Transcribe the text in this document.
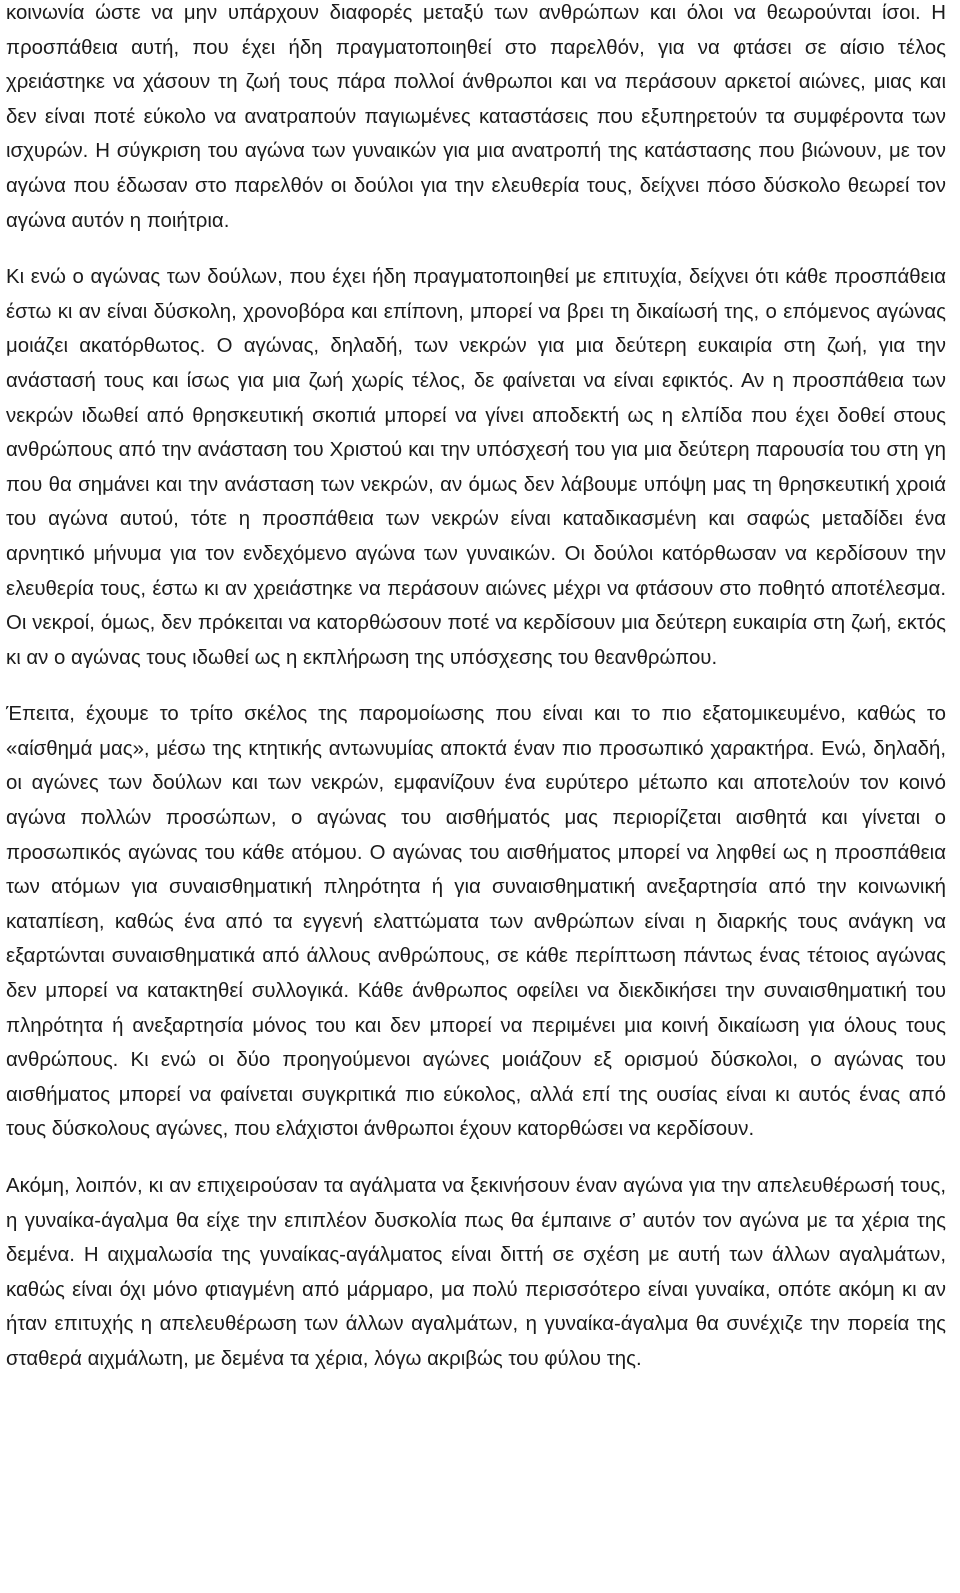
κοινωνία ώστε να μην υπάρχουν διαφορές μεταξύ των ανθρώπων και όλοι να θεωρούνται ίσοι. Η προσπάθεια αυτή, που έχει ήδη πραγματοποιηθεί στο παρελθόν, για να φτάσει σε αίσιο τέλος χρειάστηκε να χάσουν τη ζωή τους πάρα πολλοί άνθρωποι και να περάσουν αρκετοί αιώνες, μιας και δεν είναι ποτέ εύκολο να ανατραπούν παγιωμένες καταστάσεις που εξυπηρετούν τα συμφέροντα των ισχυρών. Η σύγκριση του αγώνα των γυναικών για μια ανατροπή της κατάστασης που βιώνουν, με τον αγώνα που έδωσαν στο παρελθόν οι δούλοι για την ελευθερία τους, δείχνει πόσο δύσκολο θεωρεί τον αγώνα αυτόν η ποιήτρια.

Κι ενώ ο αγώνας των δούλων, που έχει ήδη πραγματοποιηθεί με επιτυχία, δείχνει ότι κάθε προσπάθεια έστω κι αν είναι δύσκολη, χρονοβόρα και επίπονη, μπορεί να βρει τη δικαίωσή της, ο επόμενος αγώνας μοιάζει ακατόρθωτος. Ο αγώνας, δηλαδή, των νεκρών για μια δεύτερη ευκαιρία στη ζωή, για την ανάστασή τους και ίσως για μια ζωή χωρίς τέλος, δε φαίνεται να είναι εφικτός. Αν η προσπάθεια των νεκρών ιδωθεί από θρησκευτική σκοπιά μπορεί να γίνει αποδεκτή ως η ελπίδα που έχει δοθεί στους ανθρώπους από την ανάσταση του Χριστού και την υπόσχεσή του για μια δεύτερη παρουσία του στη γη που θα σημάνει και την ανάσταση των νεκρών, αν όμως δεν λάβουμε υπόψη μας τη θρησκευτική χροιά του αγώνα αυτού, τότε η προσπάθεια των νεκρών είναι καταδικασμένη και σαφώς μεταδίδει ένα αρνητικό μήνυμα για τον ενδεχόμενο αγώνα των γυναικών. Οι δούλοι κατόρθωσαν να κερδίσουν την ελευθερία τους, έστω κι αν χρειάστηκε να περάσουν αιώνες μέχρι να φτάσουν στο ποθητό αποτέλεσμα. Οι νεκροί, όμως, δεν πρόκειται να κατορθώσουν ποτέ να κερδίσουν μια δεύτερη ευκαιρία στη ζωή, εκτός κι αν ο αγώνας τους ιδωθεί ως η εκπλήρωση της υπόσχεσης του θεανθρώπου.

Έπειτα, έχουμε το τρίτο σκέλος της παρομοίωσης που είναι και το πιο εξατομικευμένο, καθώς το «αίσθημά μας», μέσω της κτητικής αντωνυμίας αποκτά έναν πιο προσωπικό χαρακτήρα. Ενώ, δηλαδή, οι αγώνες των δούλων και των νεκρών, εμφανίζουν ένα ευρύτερο μέτωπο και αποτελούν τον κοινό αγώνα πολλών προσώπων, ο αγώνας του αισθήματός μας περιορίζεται αισθητά και γίνεται ο προσωπικός αγώνας του κάθε ατόμου. Ο αγώνας του αισθήματος μπορεί να ληφθεί ως η προσπάθεια των ατόμων για συναισθηματική πληρότητα ή για συναισθηματική ανεξαρτησία από την κοινωνική καταπίεση, καθώς ένα από τα εγγενή ελαττώματα των ανθρώπων είναι η διαρκής τους ανάγκη να εξαρτώνται συναισθηματικά από άλλους ανθρώπους, σε κάθε περίπτωση πάντως ένας τέτοιος αγώνας δεν μπορεί να κατακτηθεί συλλογικά. Κάθε άνθρωπος οφείλει να διεκδικήσει την συναισθηματική του πληρότητα ή ανεξαρτησία μόνος του και δεν μπορεί να περιμένει μια κοινή δικαίωση για όλους τους ανθρώπους. Κι ενώ οι δύο προηγούμενοι αγώνες μοιάζουν εξ ορισμού δύσκολοι, ο αγώνας του αισθήματος μπορεί να φαίνεται συγκριτικά πιο εύκολος, αλλά επί της ουσίας είναι κι αυτός ένας από τους δύσκολους αγώνες, που ελάχιστοι άνθρωποι έχουν κατορθώσει να κερδίσουν.

Ακόμη, λοιπόν, κι αν επιχειρούσαν τα αγάλματα να ξεκινήσουν έναν αγώνα για την απελευθέρωσή τους, η γυναίκα-άγαλμα θα είχε την επιπλέον δυσκολία πως θα έμπαινε σ’ αυτόν τον αγώνα με τα χέρια της δεμένα. Η αιχμαλωσία της γυναίκας-αγάλματος είναι διττή σε σχέση με αυτή των άλλων αγαλμάτων, καθώς είναι όχι μόνο φτιαγμένη από μάρμαρο, μα πολύ περισσότερο είναι γυναίκα, οπότε ακόμη κι αν ήταν επιτυχής η απελευθέρωση των άλλων αγαλμάτων, η γυναίκα-άγαλμα θα συνέχιζε την πορεία της σταθερά αιχμάλωτη, με δεμένα τα χέρια, λόγω ακριβώς του φύλου της.
